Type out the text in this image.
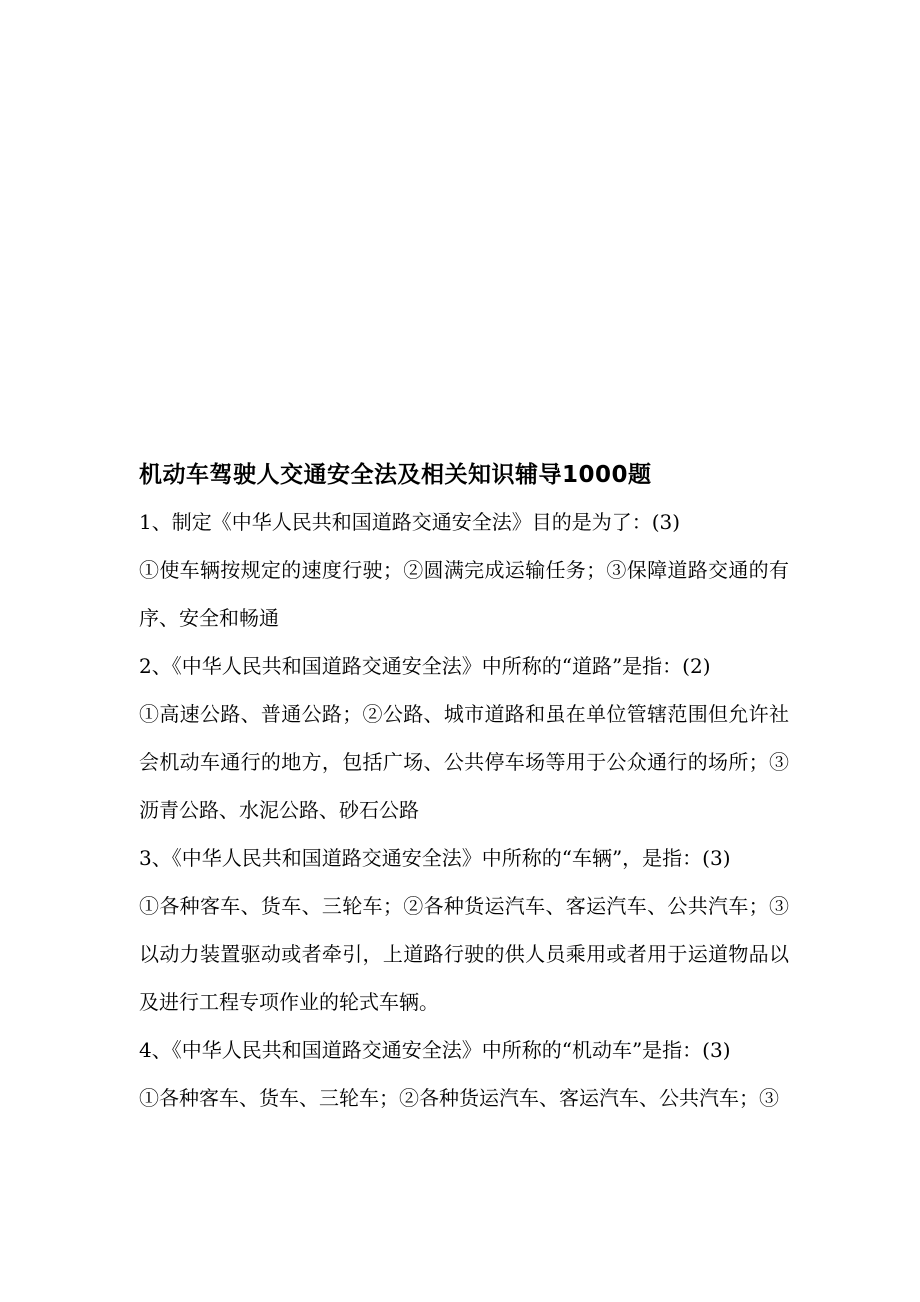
机动车驾驶人交通安全法及相关知识辅导1000题

1、制定《中华人民共和国道路交通安全法》目的是为了：(3)

①使车辆按规定的速度行驶；②圆满完成运输任务；③保障道路交通的有序、安全和畅通

2、《中华人民共和国道路交通安全法》中所称的“道路”是指：(2)

①高速公路、普通公路；②公路、城市道路和虽在单位管辖范围但允许社会机动车通行的地方，包括广场、公共停车场等用于公众通行的场所；③沥青公路、水泥公路、砂石公路

3、《中华人民共和国道路交通安全法》中所称的“车辆”，是指：(3)

①各种客车、货车、三轮车；②各种货运汽车、客运汽车、公共汽车；③以动力装置驱动或者牵引，上道路行驶的供人员乘用或者用于运道物品以及进行工程专项作业的轮式车辆。

4、《中华人民共和国道路交通安全法》中所称的“机动车”是指：(3)

①各种客车、货车、三轮车；②各种货运汽车、客运汽车、公共汽车；③
